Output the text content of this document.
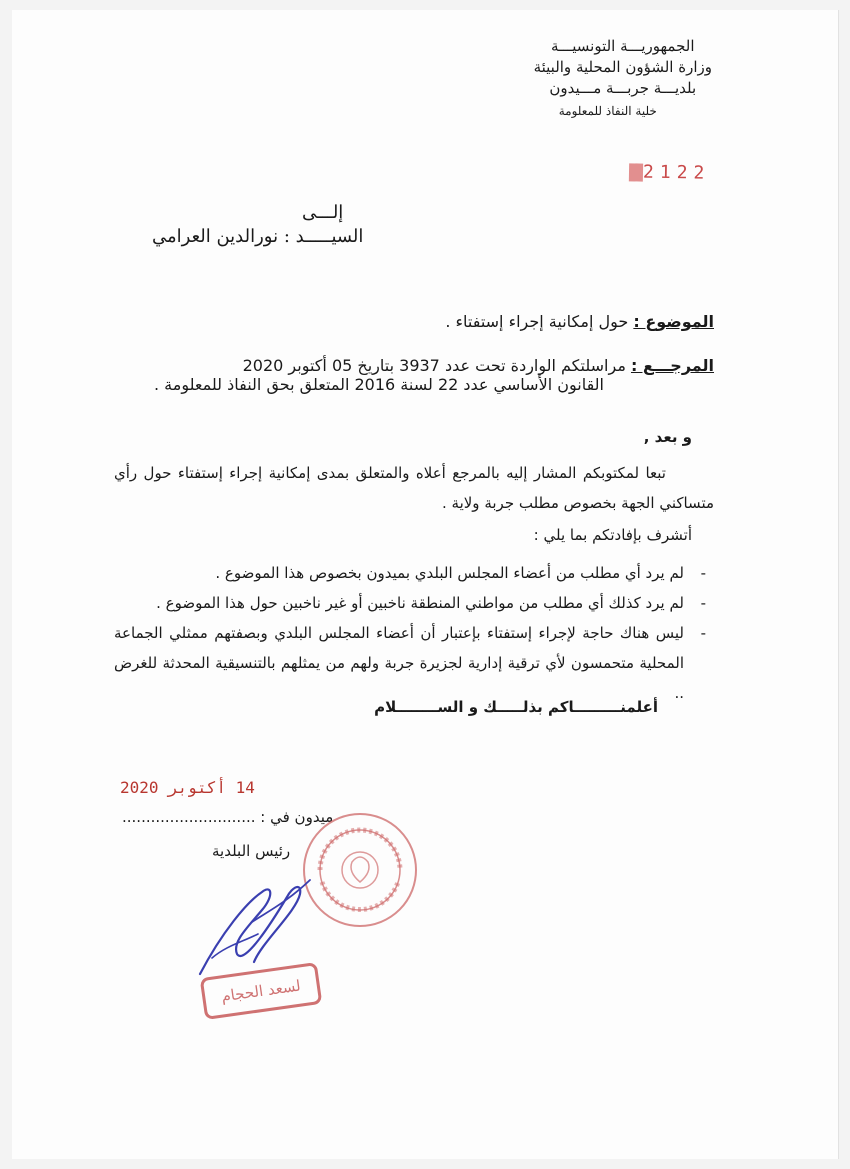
الجمهوريـــة التونسيـــة
وزارة الشؤون المحلية والبيئة
بلديـــة جربـــة مـــيدون
خلية النفاذ للمعلومة
2122
إلـــى
السيـــــد : نورالدين العرامي
الموضوع : حول إمكانية إجراء إستفتاء .
المرجـــع : مراسلتكم الواردة تحت عدد 3937 بتاريخ 05 أكتوبر 2020
القانون الأساسي عدد 22 لسنة 2016 المتعلق بحق النفاذ للمعلومة .
و بعد ,

تبعا لمكتوبكم المشار إليه بالمرجع أعلاه والمتعلق بمدى إمكانية إجراء إستفتاء حول رأي متساكني الجهة بخصوص مطلب جربة ولاية .

أتشرف بإفادتكم بما يلي :
- لم يرد أي مطلب من أعضاء المجلس البلدي بميدون بخصوص هذا الموضوع .
- لم يرد كذلك أي مطلب من مواطني المنطقة ناخبين أو غير ناخبين حول هذا الموضوع .
- ليس هناك حاجة لإجراء إستفتاء بإعتبار أن أعضاء المجلس البلدي وبصفتهم ممثلي الجماعة المحلية متحمسون لأي ترقية إدارية لجزيرة جربة ولهم من يمثلهم بالتنسيقية المحدثة للغرض ..
أعلمنـــــــــاكم بذلـــــك و الســــــــلام
14 أكتوبر 2020
ميدون في : ............................
رئيس البلدية
لسعد الحجام
